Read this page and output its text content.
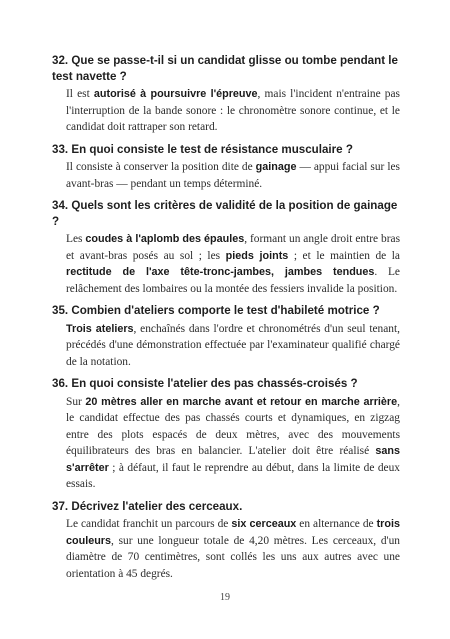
32. Que se passe-t-il si un candidat glisse ou tombe pendant le test navette ?

Il est autorisé à poursuivre l'épreuve, mais l'incident n'entraine pas l'interruption de la bande sonore : le chronomètre sonore continue, et le candidat doit rattraper son retard.

33. En quoi consiste le test de résistance musculaire ?

Il consiste à conserver la position dite de gainage — appui facial sur les avant-bras — pendant un temps déterminé.

34. Quels sont les critères de validité de la position de gainage ?

Les coudes à l'aplomb des épaules, formant un angle droit entre bras et avant-bras posés au sol ; les pieds joints ; et le maintien de la rectitude de l'axe tête-tronc-jambes, jambes tendues. Le relâchement des lombaires ou la montée des fessiers invalide la position.

35. Combien d'ateliers comporte le test d'habileté motrice ?

Trois ateliers, enchaînés dans l'ordre et chronométrés d'un seul tenant, précédés d'une démonstration effectuée par l'examinateur qualifié chargé de la notation.

36. En quoi consiste l'atelier des pas chassés-croisés ?

Sur 20 mètres aller en marche avant et retour en marche arrière, le candidat effectue des pas chassés courts et dynamiques, en zigzag entre des plots espacés de deux mètres, avec des mouvements équilibrateurs des bras en balancier. L'atelier doit être réalisé sans s'arrêter ; à défaut, il faut le reprendre au début, dans la limite de deux essais.

37. Décrivez l'atelier des cerceaux.

Le candidat franchit un parcours de six cerceaux en alternance de trois couleurs, sur une longueur totale de 4,20 mètres. Les cerceaux, d'un diamètre de 70 centimètres, sont collés les uns aux autres avec une orientation à 45 degrés.

19
